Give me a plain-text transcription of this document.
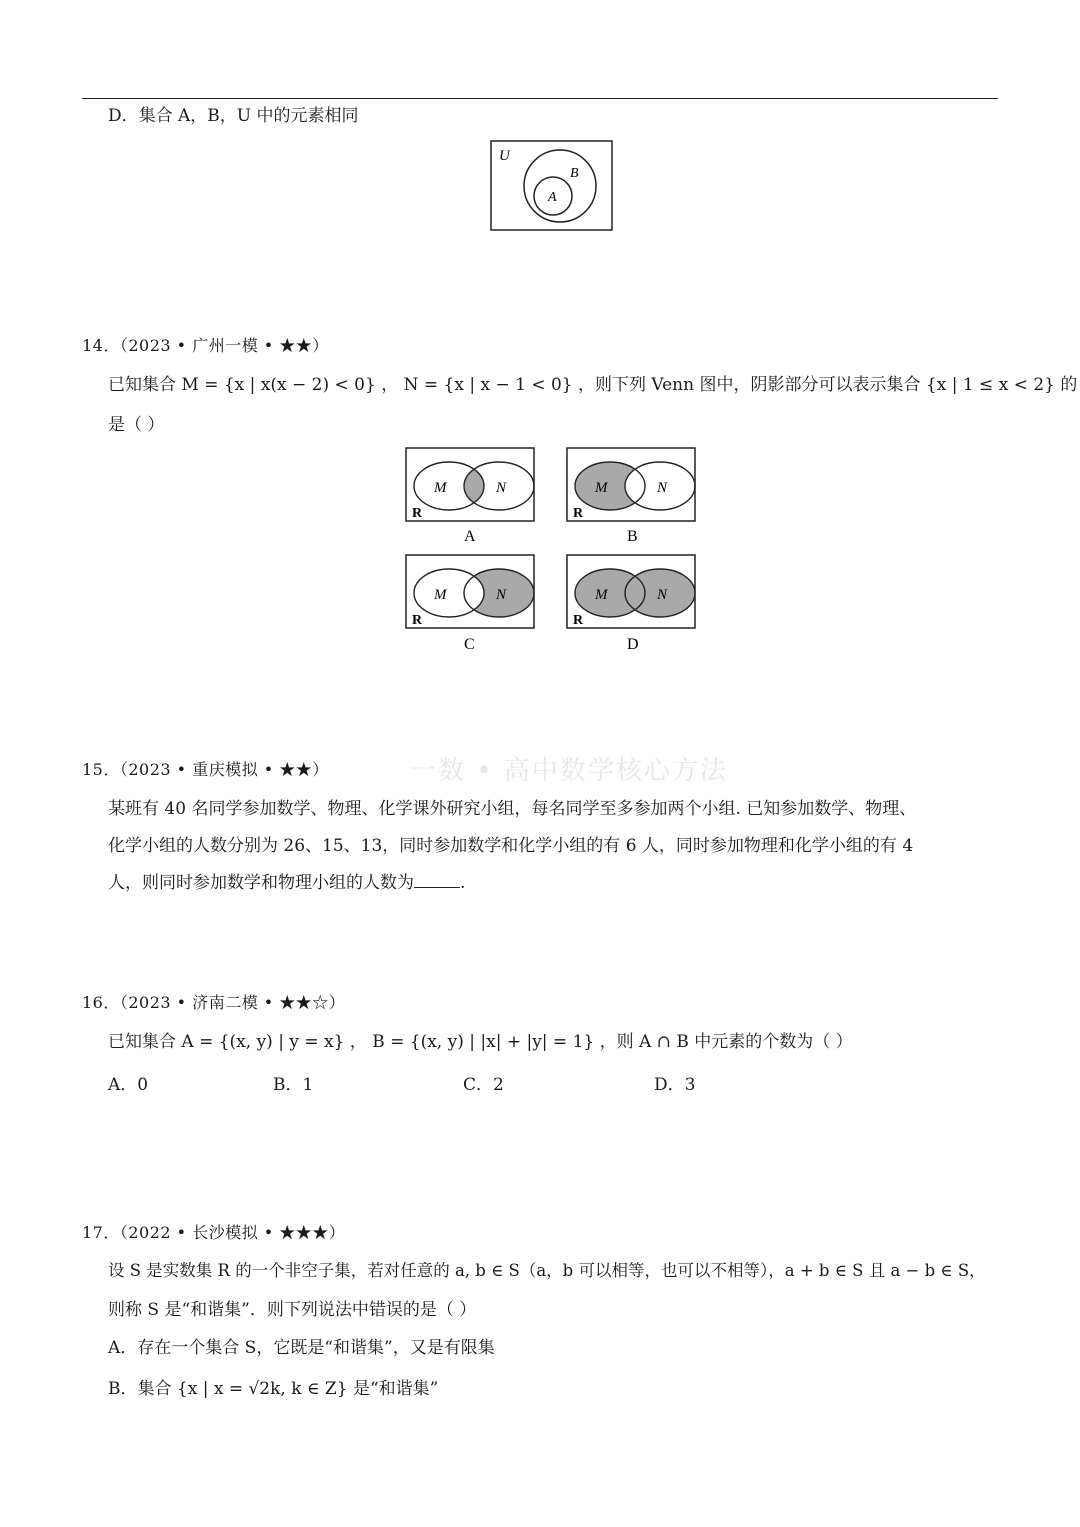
D．集合 A，B，U 中的元素相同
U
B
A
14．（2023 • 广州一模 • ★★）
已知集合 M = {x | x(x − 2) < 0} ， N = {x | x − 1 < 0} ，则下列 Venn 图中，阴影部分可以表示集合 {x | 1 ≤ x < 2} 的
是（ ）
M	N
R
A
M	N
R
B
M	N
R
C
M	N
R
D
一数 • 高中数学核心方法
15．（2023 • 重庆模拟 • ★★）
某班有 40 名同学参加数学、物理、化学课外研究小组，每名同学至多参加两个小组. 已知参加数学、物理、
化学小组的人数分别为 26、15、13，同时参加数学和化学小组的有 6 人，同时参加物理和化学小组的有 4
人，则同时参加数学和物理小组的人数为	.
16．（2023 • 济南二模 • ★★☆）
已知集合 A = {(x, y) | y = x} ， B = {(x, y) | |x| + |y| = 1} ，则 A ∩ B 中元素的个数为（ ）
A．0	B．1	C．2	D．3
17．（2022 • 长沙模拟 • ★★★）
设 S 是实数集 R 的一个非空子集，若对任意的 a, b ∈ S（a，b 可以相等，也可以不相等），a + b ∈ S 且 a − b ∈ S，
则称 S 是“和谐集”．则下列说法中错误的是（ ）
A．存在一个集合 S，它既是“和谐集”，又是有限集
B．集合 {x | x = √2k, k ∈ Z} 是“和谐集”
